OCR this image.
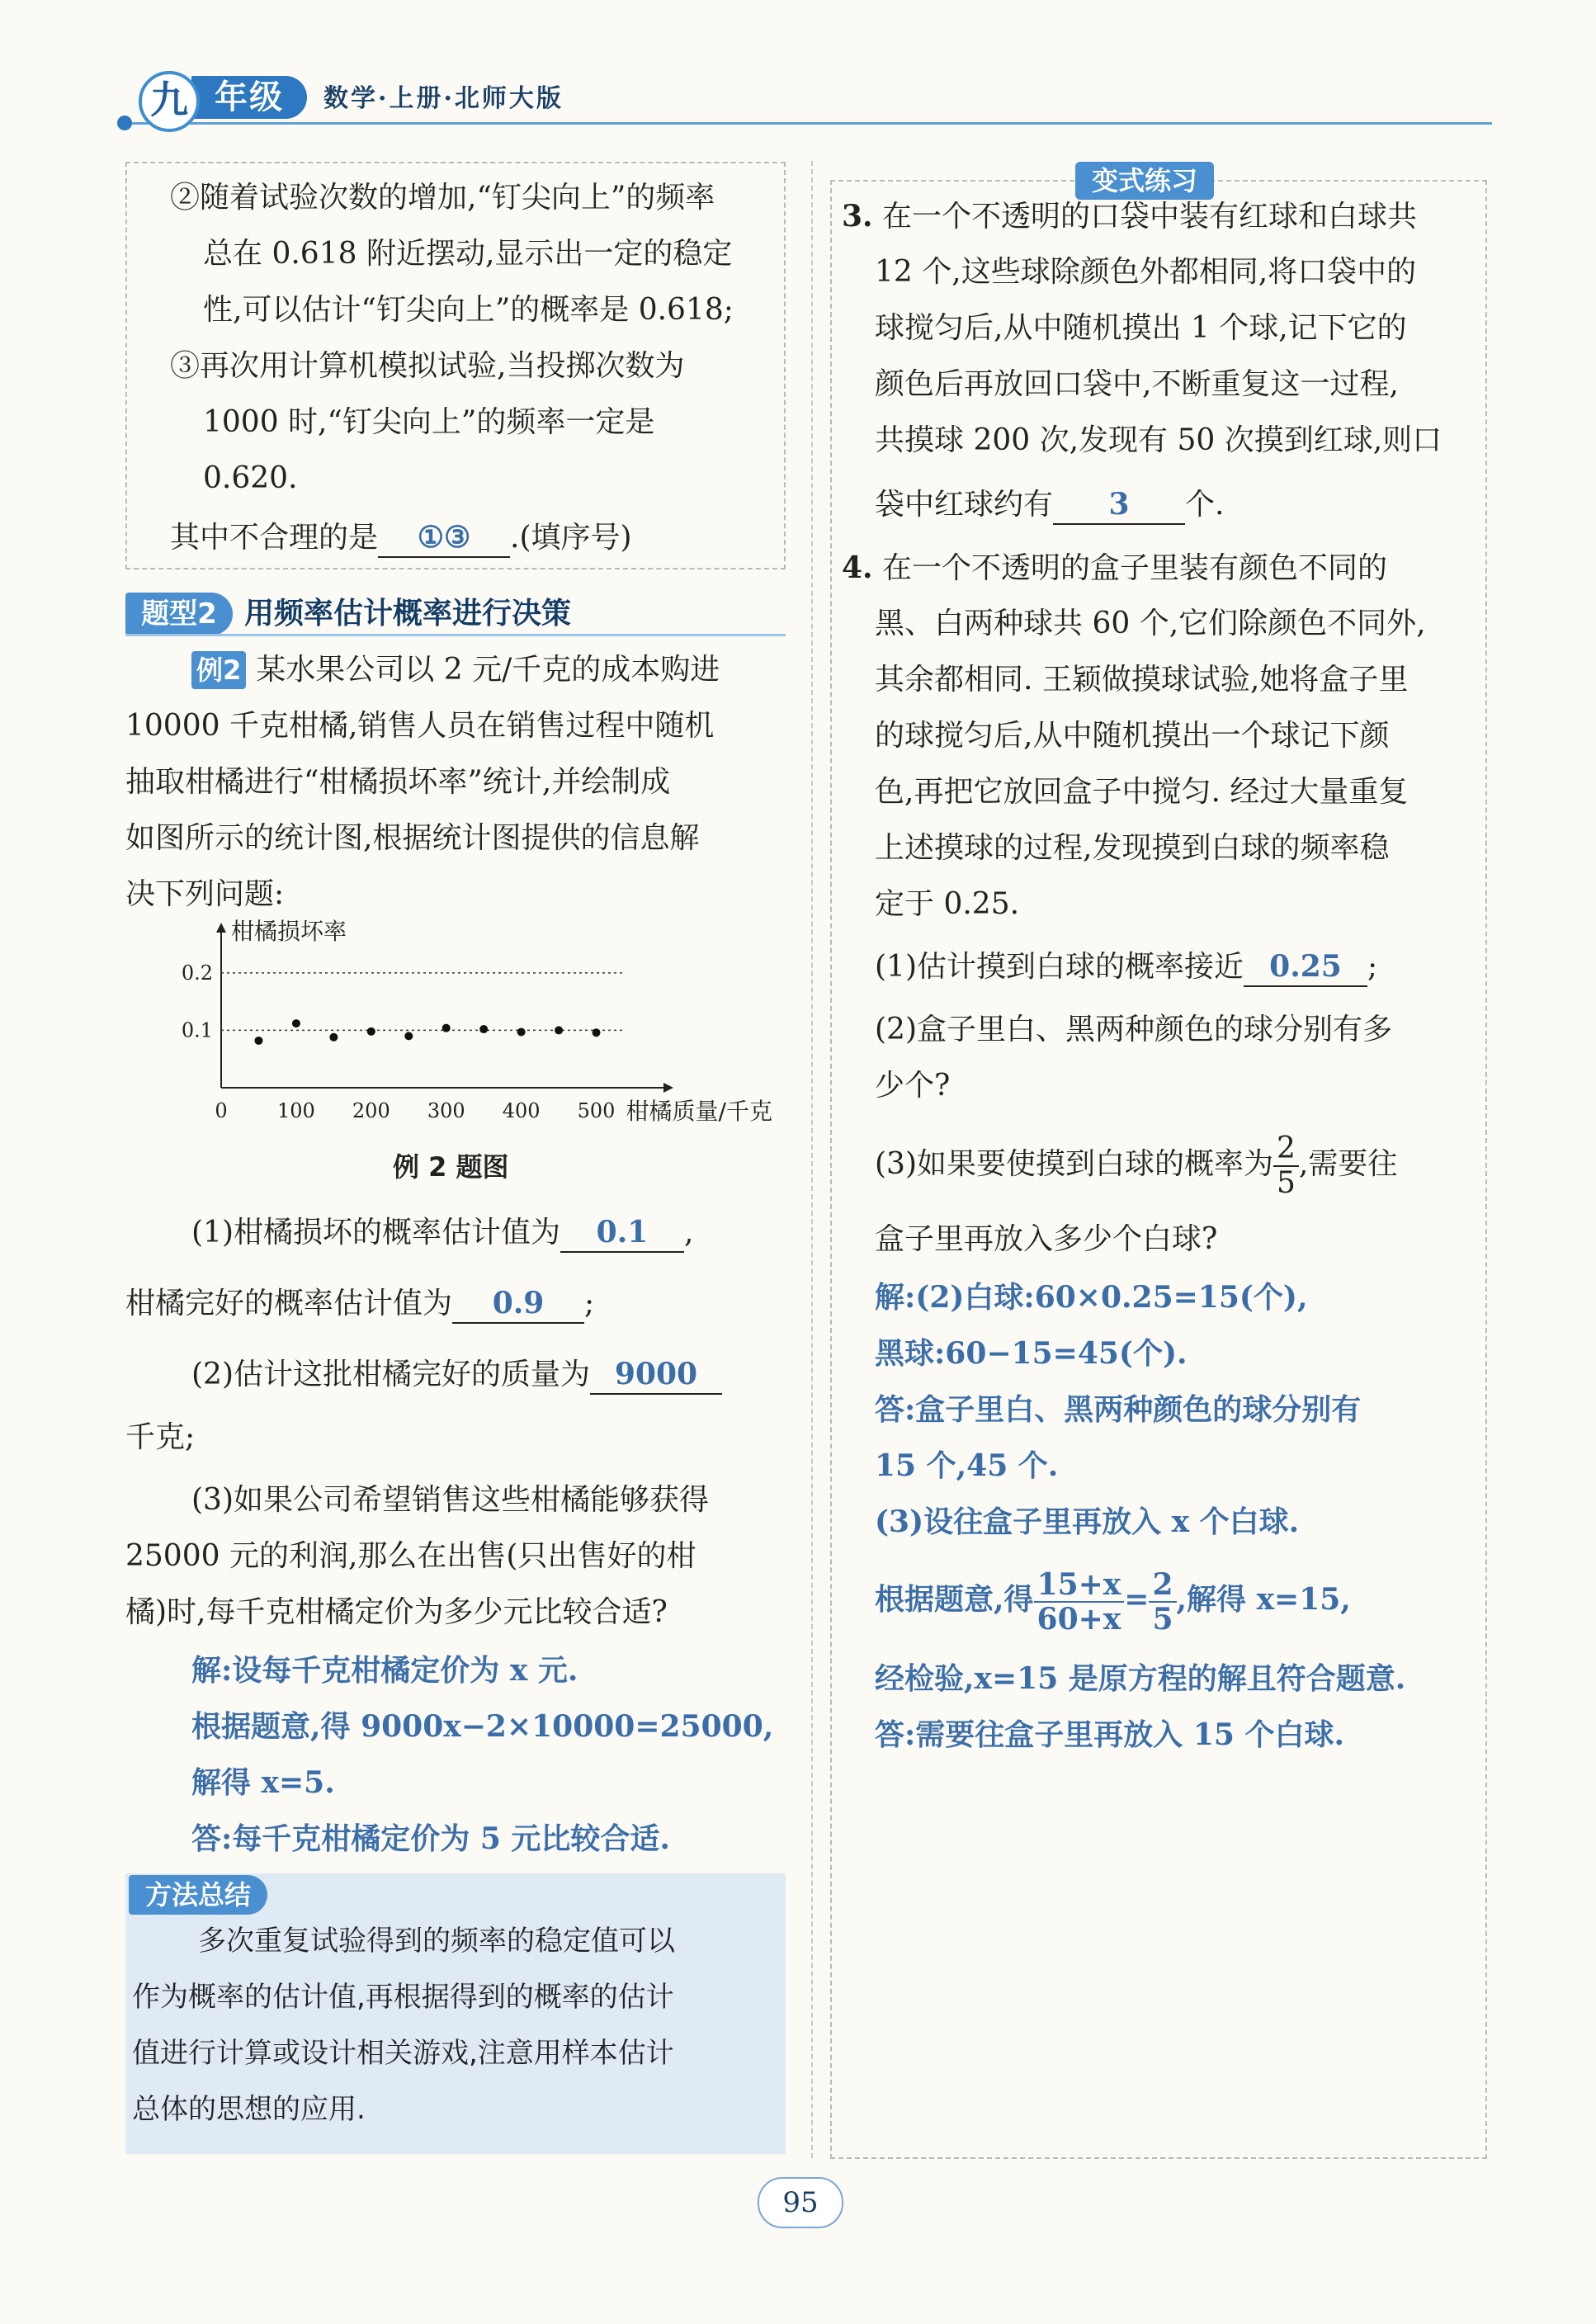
年级
九	数学·上册·北师大版
②随着试验次数的增加,“钉尖向上”的频率
总在 0.618 附近摆动,显示出一定的稳定
性,可以估计“钉尖向上”的概率是 0.618;
③再次用计算机模拟试验,当投掷次数为
1000 时,“钉尖向上”的频率一定是
0.620.
其中不合理的是 ①③ .(填序号)
题型2 用频率估计概率进行决策
例2 某水果公司以 2 元/千克的成本购进
10000 千克柑橘,销售人员在销售过程中随机
抽取柑橘进行“柑橘损坏率”统计,并绘制成
如图所示的统计图,根据统计图提供的信息解
决下列问题:
0.1
0.2
0	100 200 300 400 500
柑橘损坏率
柑橘质量/千克
例 2 题图
(1)柑橘损坏的概率估计值为 0.1 ,
柑橘完好的概率估计值为 0.9 ;
(2)估计这批柑橘完好的质量为 9000
千克;
(3)如果公司希望销售这些柑橘能够获得
25000 元的利润,那么在出售(只出售好的柑
橘)时,每千克柑橘定价为多少元比较合适?
解:设每千克柑橘定价为 x 元.
根据题意,得 9000x−2×10000=25000,
解得 x=5.
答:每千克柑橘定价为 5 元比较合适.
方法总结
多次重复试验得到的频率的稳定值可以
作为概率的估计值,再根据得到的概率的估计
值进行计算或设计相关游戏,注意用样本估计
总体的思想的应用.
变式练习
3. 在一个不透明的口袋中装有红球和白球共
12 个,这些球除颜色外都相同,将口袋中的
球搅匀后,从中随机摸出 1 个球,记下它的
颜色后再放回口袋中,不断重复这一过程,
共摸球 200 次,发现有 50 次摸到红球,则口
袋中红球约有 3 个.
4. 在一个不透明的盒子里装有颜色不同的
黑、白两种球共 60 个,它们除颜色不同外,
其余都相同. 王颖做摸球试验,她将盒子里
的球搅匀后,从中随机摸出一个球记下颜
色,再把它放回盒子中搅匀. 经过大量重复
上述摸球的过程,发现摸到白球的频率稳
定于 0.25.
(1)估计摸到白球的概率接近 0.25 ;
(2)盒子里白、黑两种颜色的球分别有多
少个?
(3)如果要使摸到白球的概率为 $\frac{2}{5}$ ,需要往
盒子里再放入多少个白球?
解:(2)白球:60×0.25=15(个),
黑球:60−15=45(个).
答:盒子里白、黑两种颜色的球分别有
15 个,45 个.
(3)设往盒子里再放入 x 个白球.
根据题意,得 $\frac{15+x}{60+x} = \frac{2}{5}$ ,解得 x=15,
经检验,x=15 是原方程的解且符合题意.
答:需要往盒子里再放入 15 个白球.
95
